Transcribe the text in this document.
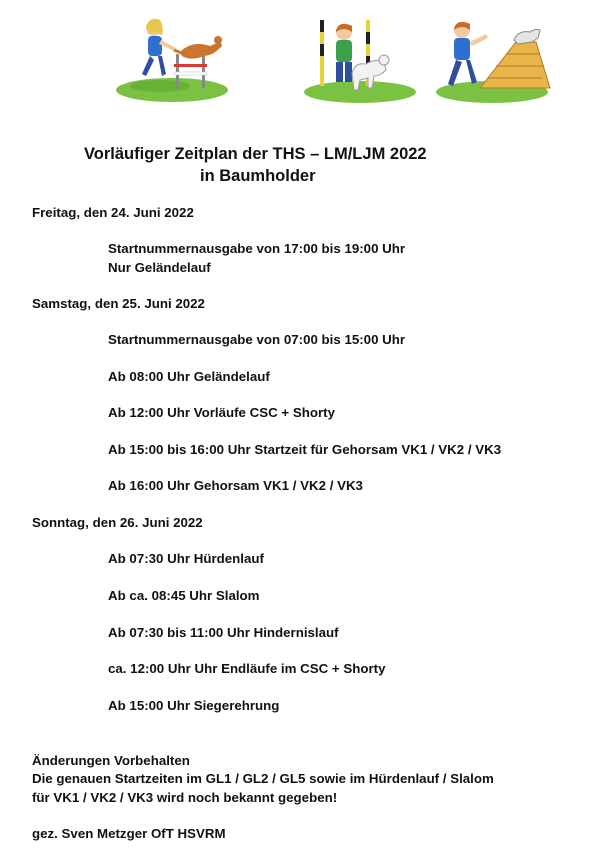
Vorläufiger Zeitplan der THS – LM/LJM 2022
in Baumholder
Freitag, den 24. Juni 2022
Startnummernausgabe von 17:00 bis 19:00 Uhr
Nur Geländelauf
Samstag, den 25. Juni 2022
Startnummernausgabe von 07:00 bis 15:00 Uhr
Ab 08:00 Uhr Geländelauf
Ab 12:00 Uhr Vorläufe CSC + Shorty
Ab 15:00 bis 16:00 Uhr Startzeit für Gehorsam VK1 / VK2 / VK3
Ab 16:00 Uhr Gehorsam VK1 / VK2 / VK3
Sonntag, den 26. Juni 2022
Ab 07:30 Uhr Hürdenlauf
Ab ca. 08:45 Uhr Slalom
Ab 07:30 bis 11:00 Uhr Hindernislauf
ca. 12:00 Uhr Uhr Endläufe im CSC + Shorty
Ab 15:00 Uhr Siegerehrung
Änderungen Vorbehalten
Die genauen Startzeiten im GL1 / GL2 / GL5 sowie im Hürdenlauf / Slalom
für VK1 / VK2 / VK3 wird noch bekannt gegeben!
gez. Sven Metzger OfT HSVRM
